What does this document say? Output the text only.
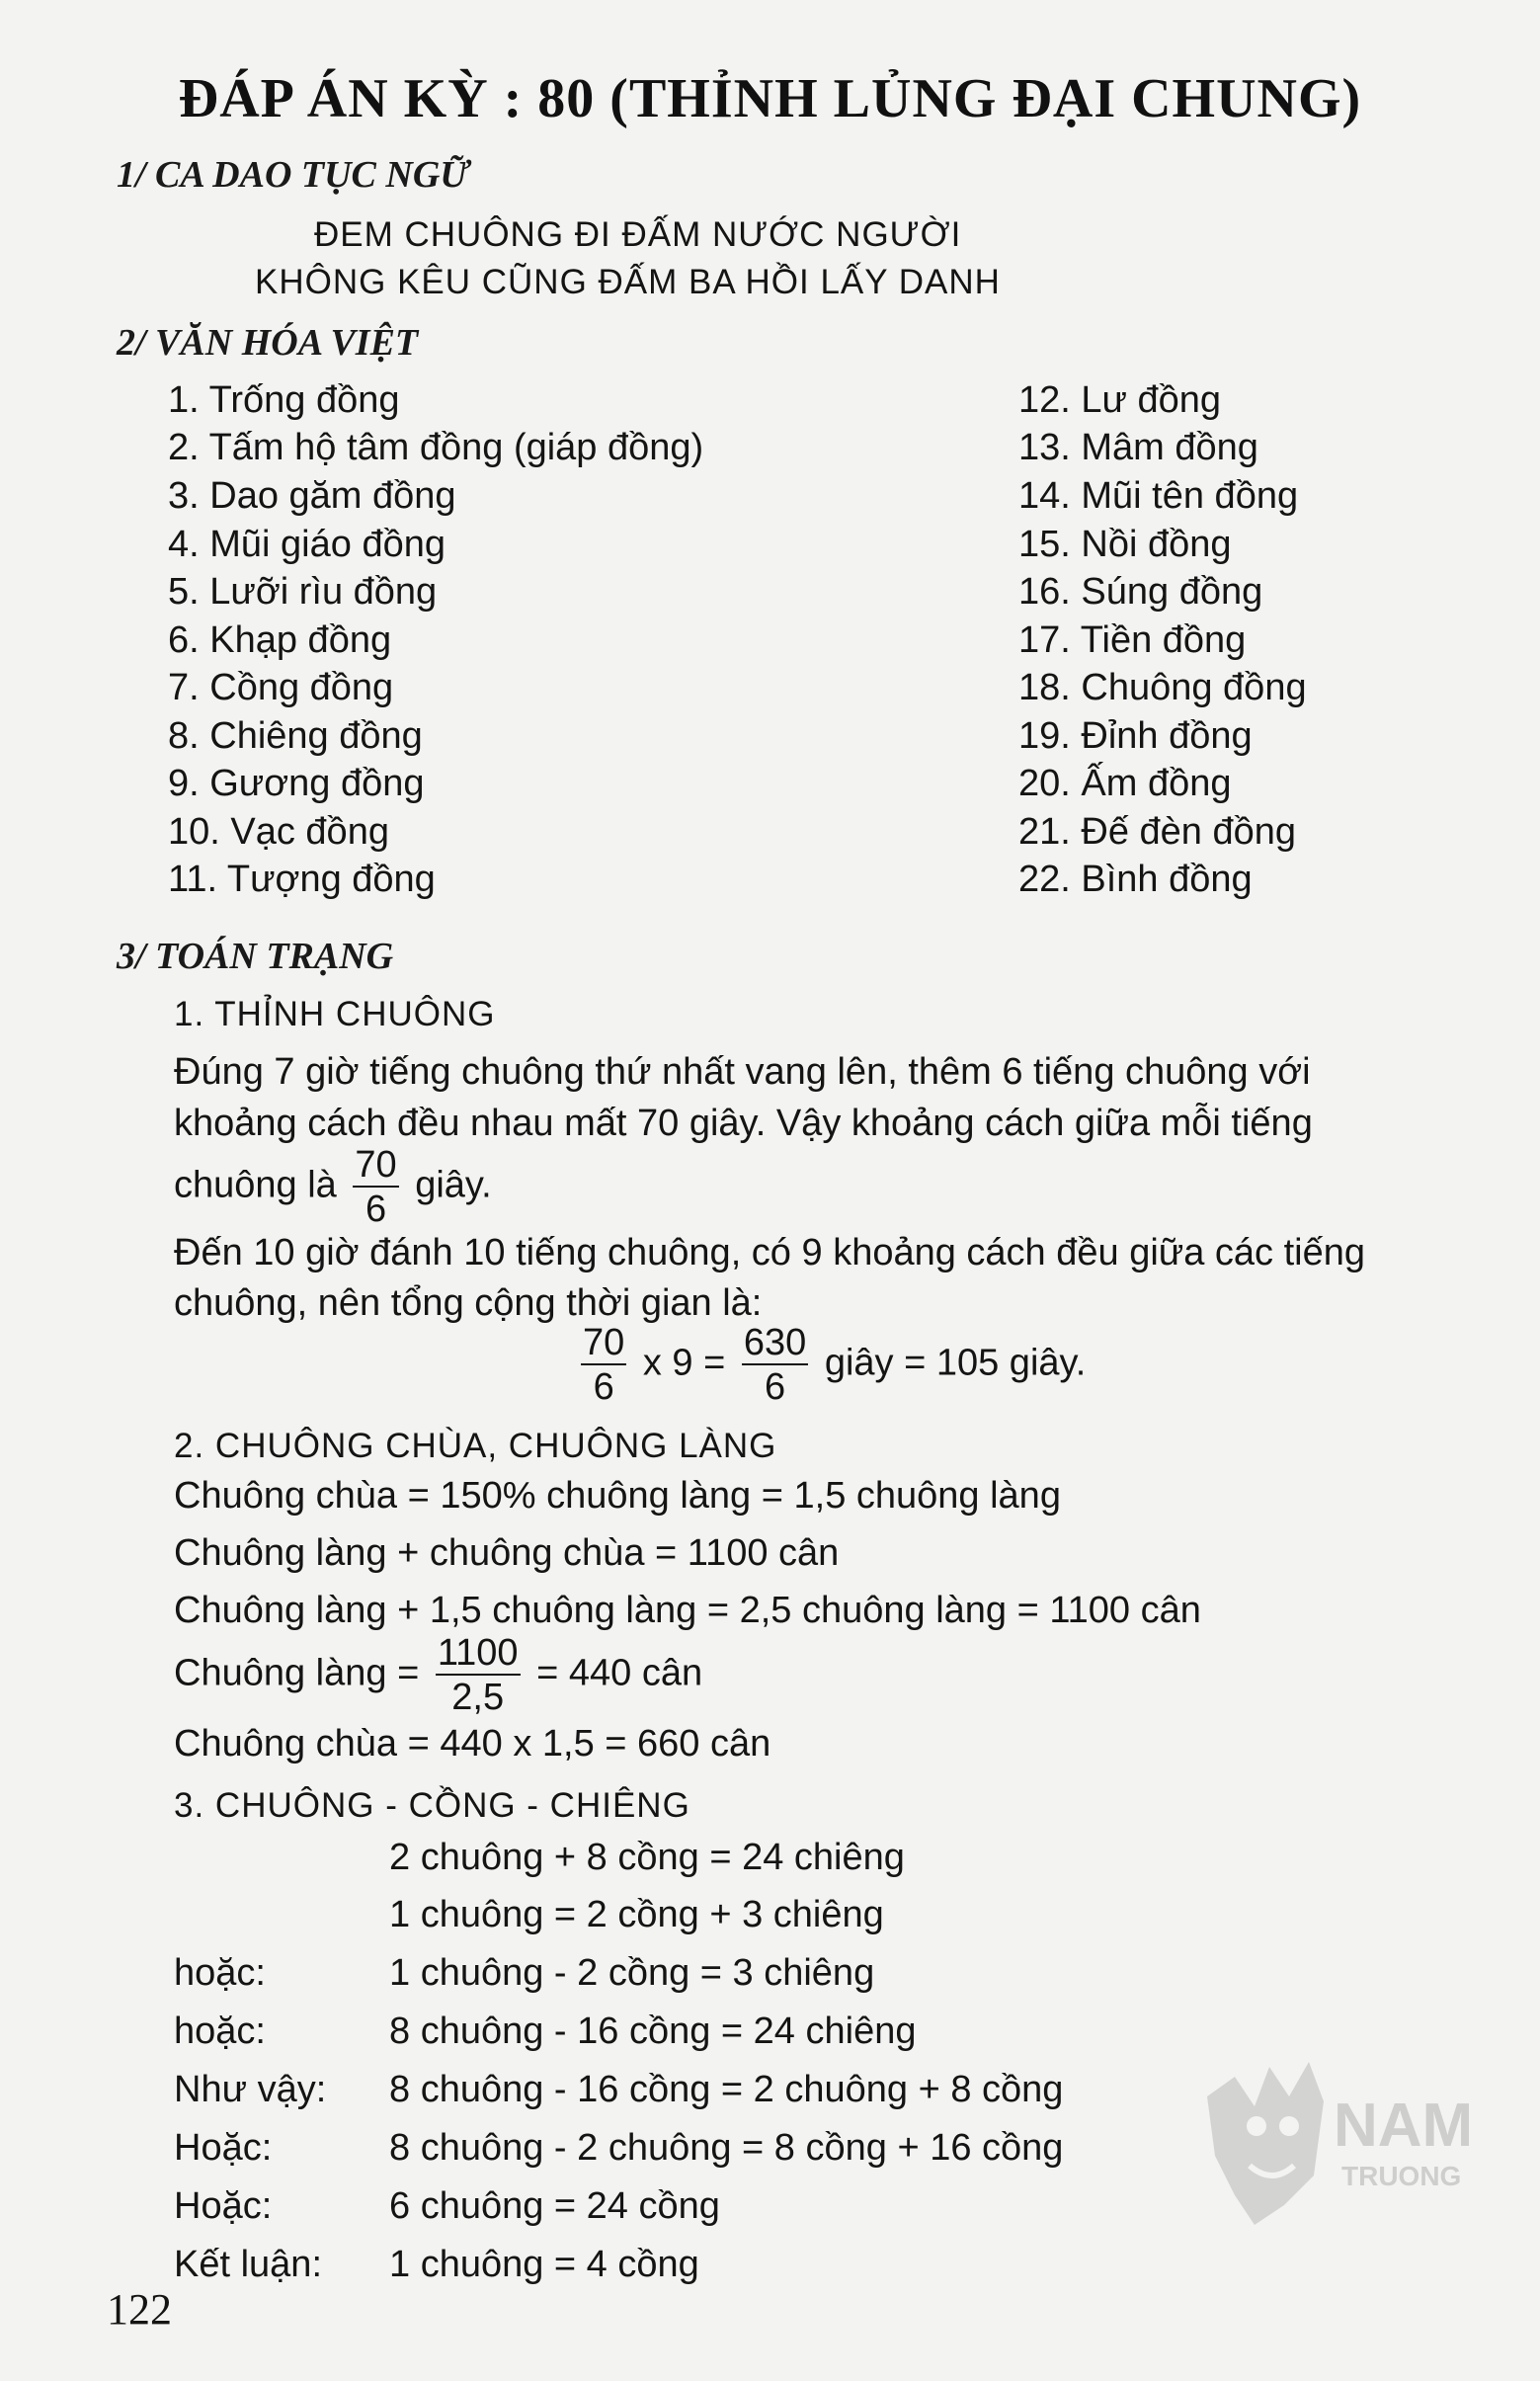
ĐÁP ÁN KỲ : 80 (THỈNH LỦNG ĐẠI CHUNG)
1/ CA DAO TỤC NGỮ
ĐEM CHUÔNG ĐI ĐẤM NƯỚC NGƯỜI
KHÔNG KÊU CŨNG ĐẤM BA HỒI LẤY DANH
2/ VĂN HÓA VIỆT
1. Trống đồng
2. Tấm hộ tâm đồng (giáp đồng)
3. Dao găm đồng
4. Mũi giáo đồng
5. Lưỡi rìu đồng
6. Khạp đồng
7. Cồng đồng
8. Chiêng đồng
9. Gương đồng
10. Vạc đồng
11. Tượng đồng
12. Lư đồng
13. Mâm đồng
14. Mũi tên đồng
15. Nồi đồng
16. Súng đồng
17. Tiền đồng
18. Chuông đồng
19. Đỉnh đồng
20. Ấm đồng
21. Đế đèn đồng
22. Bình đồng
3/ TOÁN TRẠNG
1. THỈNH CHUÔNG
Đúng 7 giờ tiếng chuông thứ nhất vang lên, thêm 6 tiếng chuông với
khoảng cách đều nhau mất 70 giây. Vậy khoảng cách giữa mỗi tiếng
chuông là $\frac{70}{6}$ giây.
Đến 10 giờ đánh 10 tiếng chuông, có 9 khoảng cách đều giữa các tiếng
chuông, nên tổng cộng thời gian là:
$\frac{70}{6}$ x $9 = \frac{630}{6}$ giây = 105 giây.
2. CHUÔNG CHÙA, CHUÔNG LÀNG
Chuông chùa = 150% chuông làng = 1,5 chuông làng
Chuông làng + chuông chùa = 1100 cân
Chuông làng + 1,5 chuông làng = 2,5 chuông làng = 1100 cân
Chuông làng = $\frac{1100}{2,5} = 440$ cân
Chuông chùa = 440 x 1,5 = 660 cân
3. CHUÔNG - CỒNG - CHIÊNG
2 chuông + 8 cồng = 24 chiêng
1 chuông = 2 cồng + 3 chiêng
hoặc:	1 chuông - 2 cồng = 3 chiêng
hoặc:	8 chuông - 16 cồng = 24 chiêng
Như vậy: 8 chuông - 16 cồng = 2 chuông + 8 cồng
Hoặc:	8 chuông - 2 chuông = 8 cồng + 16 cồng
Hoặc:	6 chuông = 24 cồng
Kết luận: 1 chuông = 4 cồng
122
NAM
TRUONG
